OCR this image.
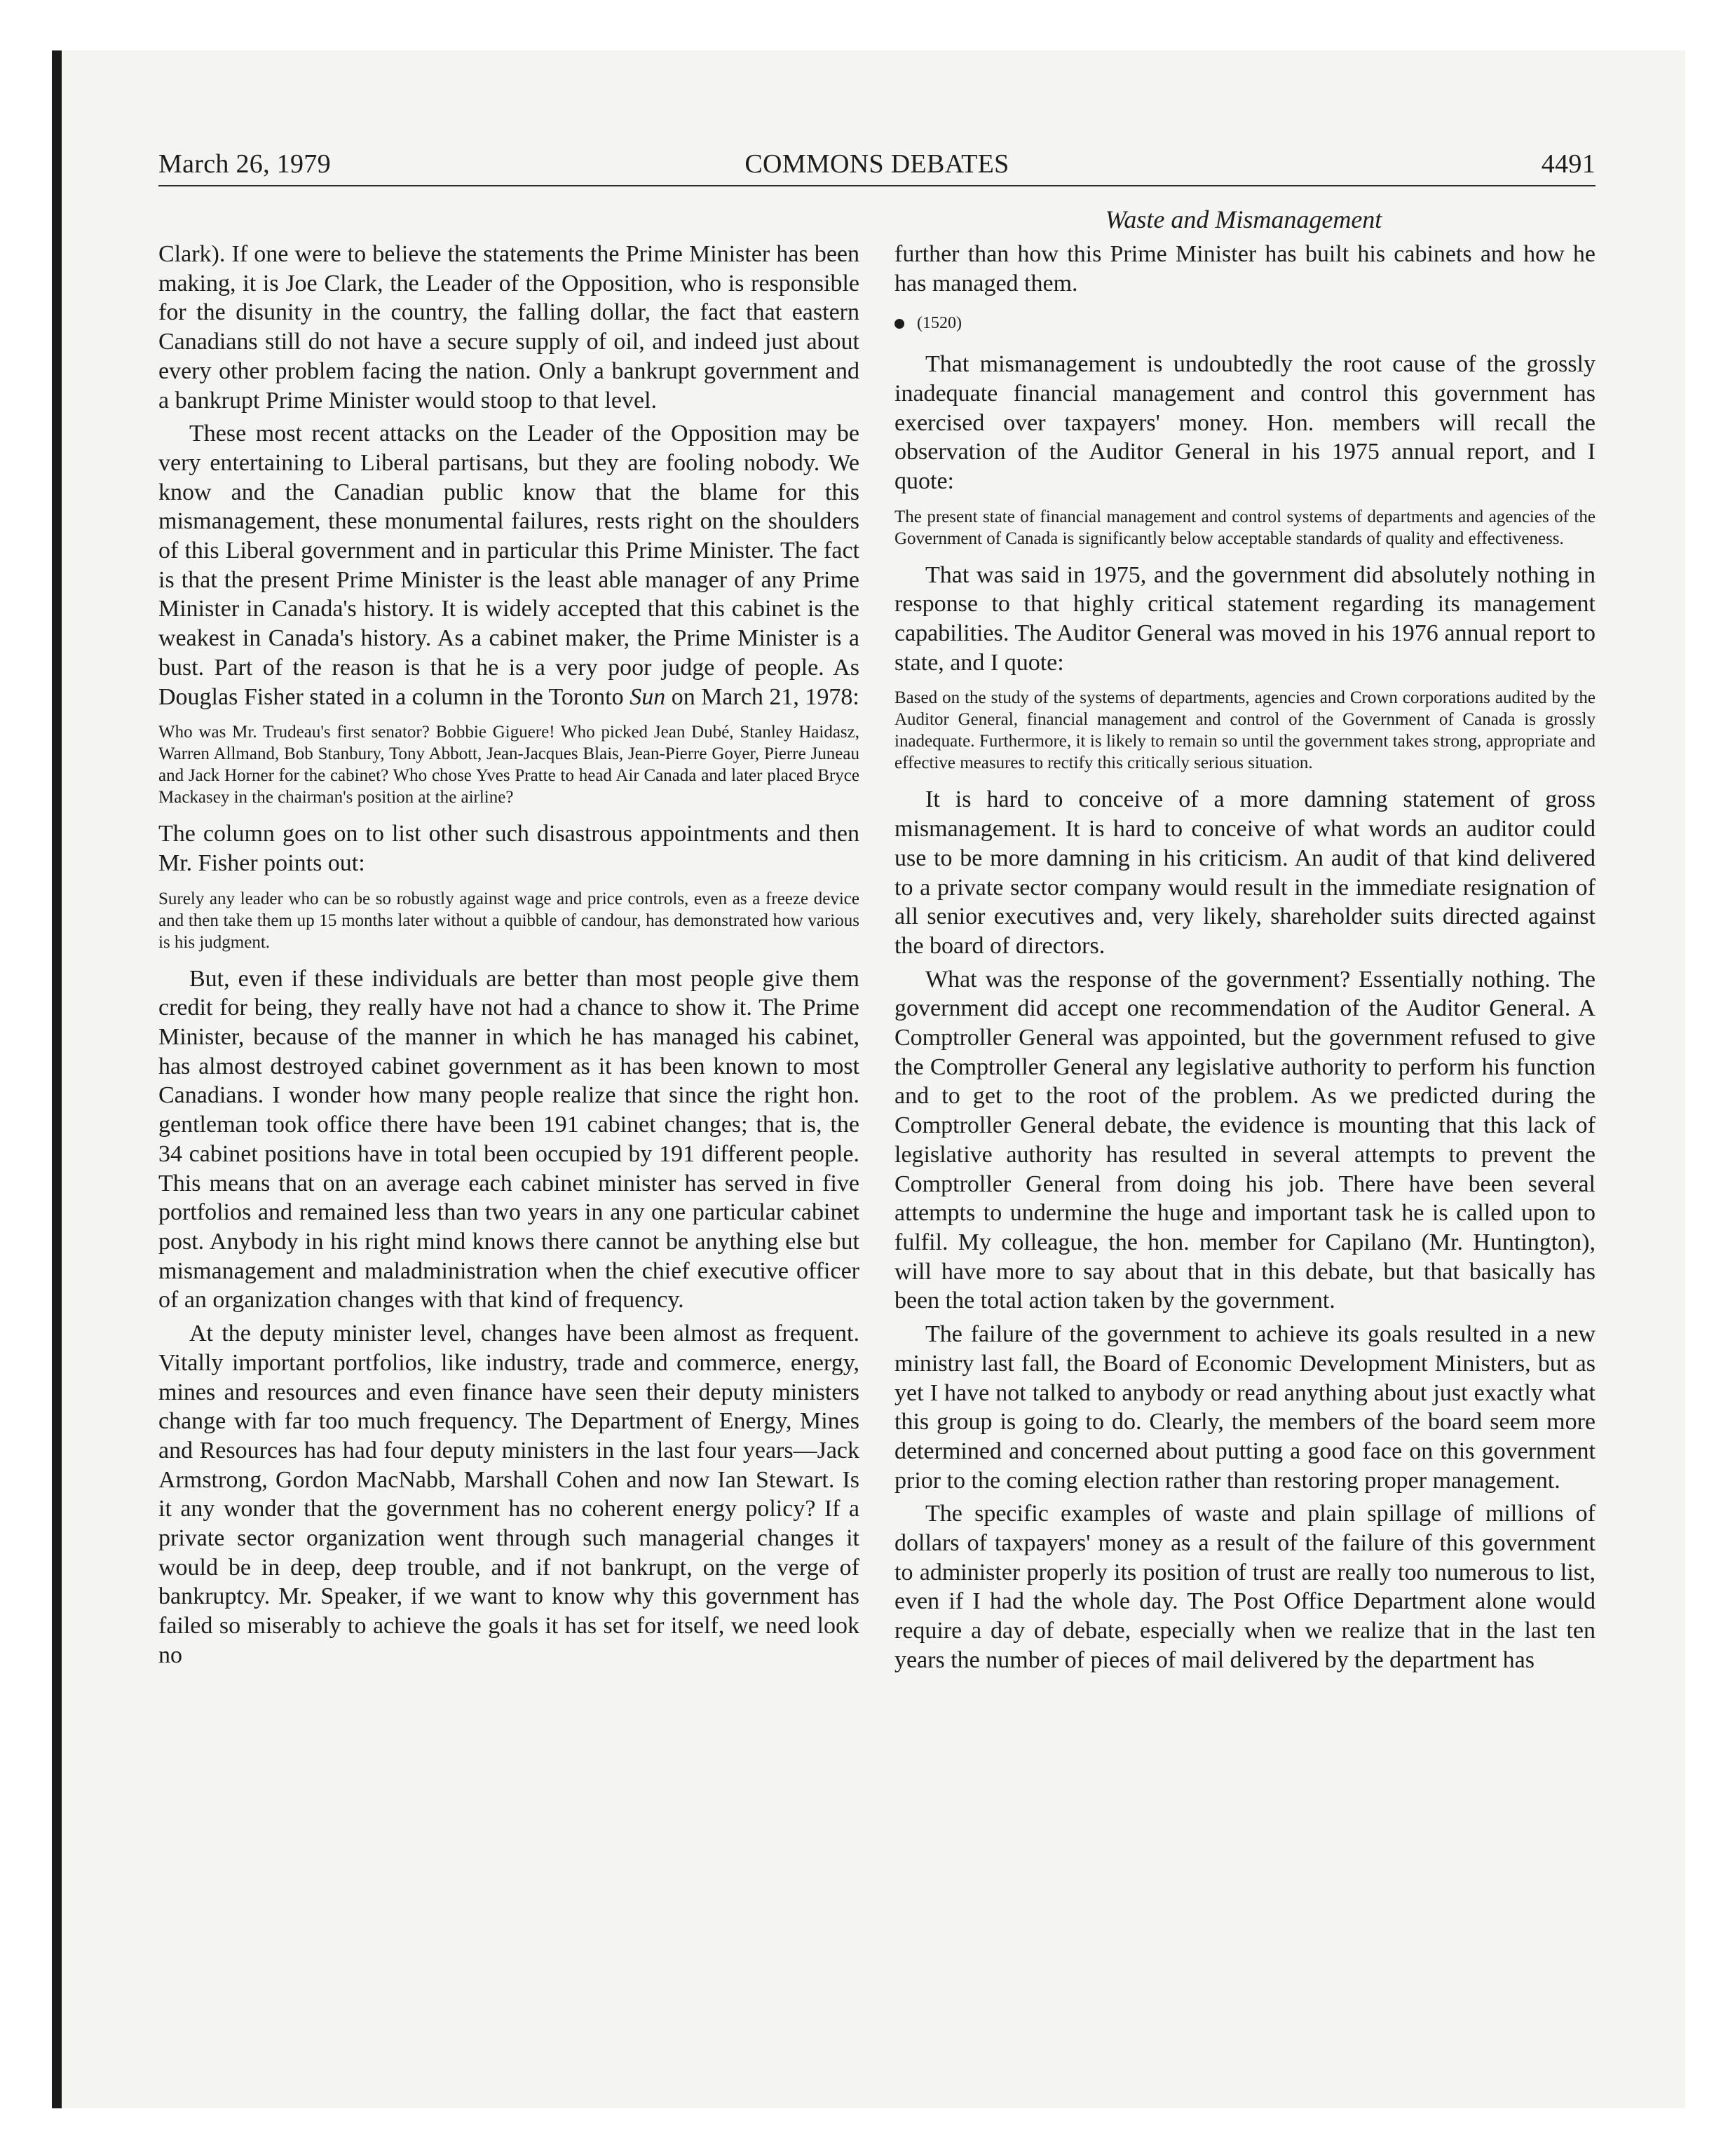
March 26, 1979	COMMONS DEBATES	4491
Waste and Mismanagement

Clark). If one were to believe the statements the Prime Minister has been making, it is Joe Clark, the Leader of the Opposition, who is responsible for the disunity in the country, the falling dollar, the fact that eastern Canadians still do not have a secure supply of oil, and indeed just about every other problem facing the nation. Only a bankrupt government and a bankrupt Prime Minister would stoop to that level.

These most recent attacks on the Leader of the Opposition may be very entertaining to Liberal partisans, but they are fooling nobody. We know and the Canadian public know that the blame for this mismanagement, these monumental failures, rests right on the shoulders of this Liberal government and in particular this Prime Minister. The fact is that the present Prime Minister is the least able manager of any Prime Minister in Canada's history. It is widely accepted that this cabinet is the weakest in Canada's history. As a cabinet maker, the Prime Minister is a bust. Part of the reason is that he is a very poor judge of people. As Douglas Fisher stated in a column in the Toronto Sun on March 21, 1978:

Who was Mr. Trudeau's first senator? Bobbie Giguere! Who picked Jean Dubé, Stanley Haidasz, Warren Allmand, Bob Stanbury, Tony Abbott, Jean-Jacques Blais, Jean-Pierre Goyer, Pierre Juneau and Jack Horner for the cabinet? Who chose Yves Pratte to head Air Canada and later placed Bryce Mackasey in the chairman's position at the airline?

The column goes on to list other such disastrous appointments and then Mr. Fisher points out:

Surely any leader who can be so robustly against wage and price controls, even as a freeze device and then take them up 15 months later without a quibble of candour, has demonstrated how various is his judgment.

But, even if these individuals are better than most people give them credit for being, they really have not had a chance to show it. The Prime Minister, because of the manner in which he has managed his cabinet, has almost destroyed cabinet government as it has been known to most Canadians. I wonder how many people realize that since the right hon. gentleman took office there have been 191 cabinet changes; that is, the 34 cabinet positions have in total been occupied by 191 different people. This means that on an average each cabinet minister has served in five portfolios and remained less than two years in any one particular cabinet post. Anybody in his right mind knows there cannot be anything else but mismanagement and maladministration when the chief executive officer of an organization changes with that kind of frequency.

At the deputy minister level, changes have been almost as frequent. Vitally important portfolios, like industry, trade and commerce, energy, mines and resources and even finance have seen their deputy ministers change with far too much frequency. The Department of Energy, Mines and Resources has had four deputy ministers in the last four years—Jack Armstrong, Gordon MacNabb, Marshall Cohen and now Ian Stewart. Is it any wonder that the government has no coherent energy policy? If a private sector organization went through such managerial changes it would be in deep, deep trouble, and if not bankrupt, on the verge of bankruptcy. Mr. Speaker, if we want to know why this government has failed so miserably to achieve the goals it has set for itself, we need look no

further than how this Prime Minister has built his cabinets and how he has managed them.

(1520)

That mismanagement is undoubtedly the root cause of the grossly inadequate financial management and control this government has exercised over taxpayers' money. Hon. members will recall the observation of the Auditor General in his 1975 annual report, and I quote:

The present state of financial management and control systems of departments and agencies of the Government of Canada is significantly below acceptable standards of quality and effectiveness.

That was said in 1975, and the government did absolutely nothing in response to that highly critical statement regarding its management capabilities. The Auditor General was moved in his 1976 annual report to state, and I quote:

Based on the study of the systems of departments, agencies and Crown corporations audited by the Auditor General, financial management and control of the Government of Canada is grossly inadequate. Furthermore, it is likely to remain so until the government takes strong, appropriate and effective measures to rectify this critically serious situation.

It is hard to conceive of a more damning statement of gross mismanagement. It is hard to conceive of what words an auditor could use to be more damning in his criticism. An audit of that kind delivered to a private sector company would result in the immediate resignation of all senior executives and, very likely, shareholder suits directed against the board of directors.

What was the response of the government? Essentially nothing. The government did accept one recommendation of the Auditor General. A Comptroller General was appointed, but the government refused to give the Comptroller General any legislative authority to perform his function and to get to the root of the problem. As we predicted during the Comptroller General debate, the evidence is mounting that this lack of legislative authority has resulted in several attempts to prevent the Comptroller General from doing his job. There have been several attempts to undermine the huge and important task he is called upon to fulfil. My colleague, the hon. member for Capilano (Mr. Huntington), will have more to say about that in this debate, but that basically has been the total action taken by the government.

The failure of the government to achieve its goals resulted in a new ministry last fall, the Board of Economic Development Ministers, but as yet I have not talked to anybody or read anything about just exactly what this group is going to do. Clearly, the members of the board seem more determined and concerned about putting a good face on this government prior to the coming election rather than restoring proper management.

The specific examples of waste and plain spillage of millions of dollars of taxpayers' money as a result of the failure of this government to administer properly its position of trust are really too numerous to list, even if I had the whole day. The Post Office Department alone would require a day of debate, especially when we realize that in the last ten years the number of pieces of mail delivered by the department has
